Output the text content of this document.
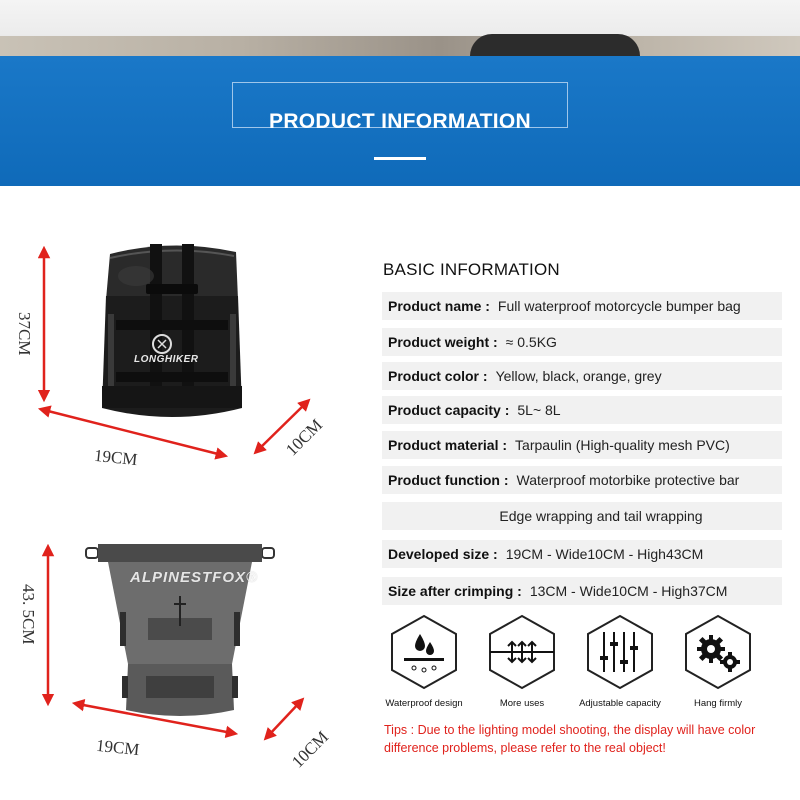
PRODUCT INFORMATION
LONGHIKER
37CM
19CM	10CM
ALPINESTFOX®
43. 5CM
19CM	10CM
BASIC INFORMATION
Product name : Full waterproof motorcycle bumper bag
Product weight : ≈ 0.5KG
Product color : Yellow, black, orange, grey
Product capacity : 5L~ 8L
Product material : Tarpaulin (High-quality mesh PVC)
Product function : Waterproof motorbike protective bar
Edge wrapping and tail wrapping
Developed size : 19CM - Wide10CM - High43CM
Size after crimping : 13CM - Wide10CM - High37CM
Waterproof design	More uses	Adjustable capacity	Hang firmly
Tips : Due to the lighting model shooting, the display will have color difference problems, please refer to the real object!
